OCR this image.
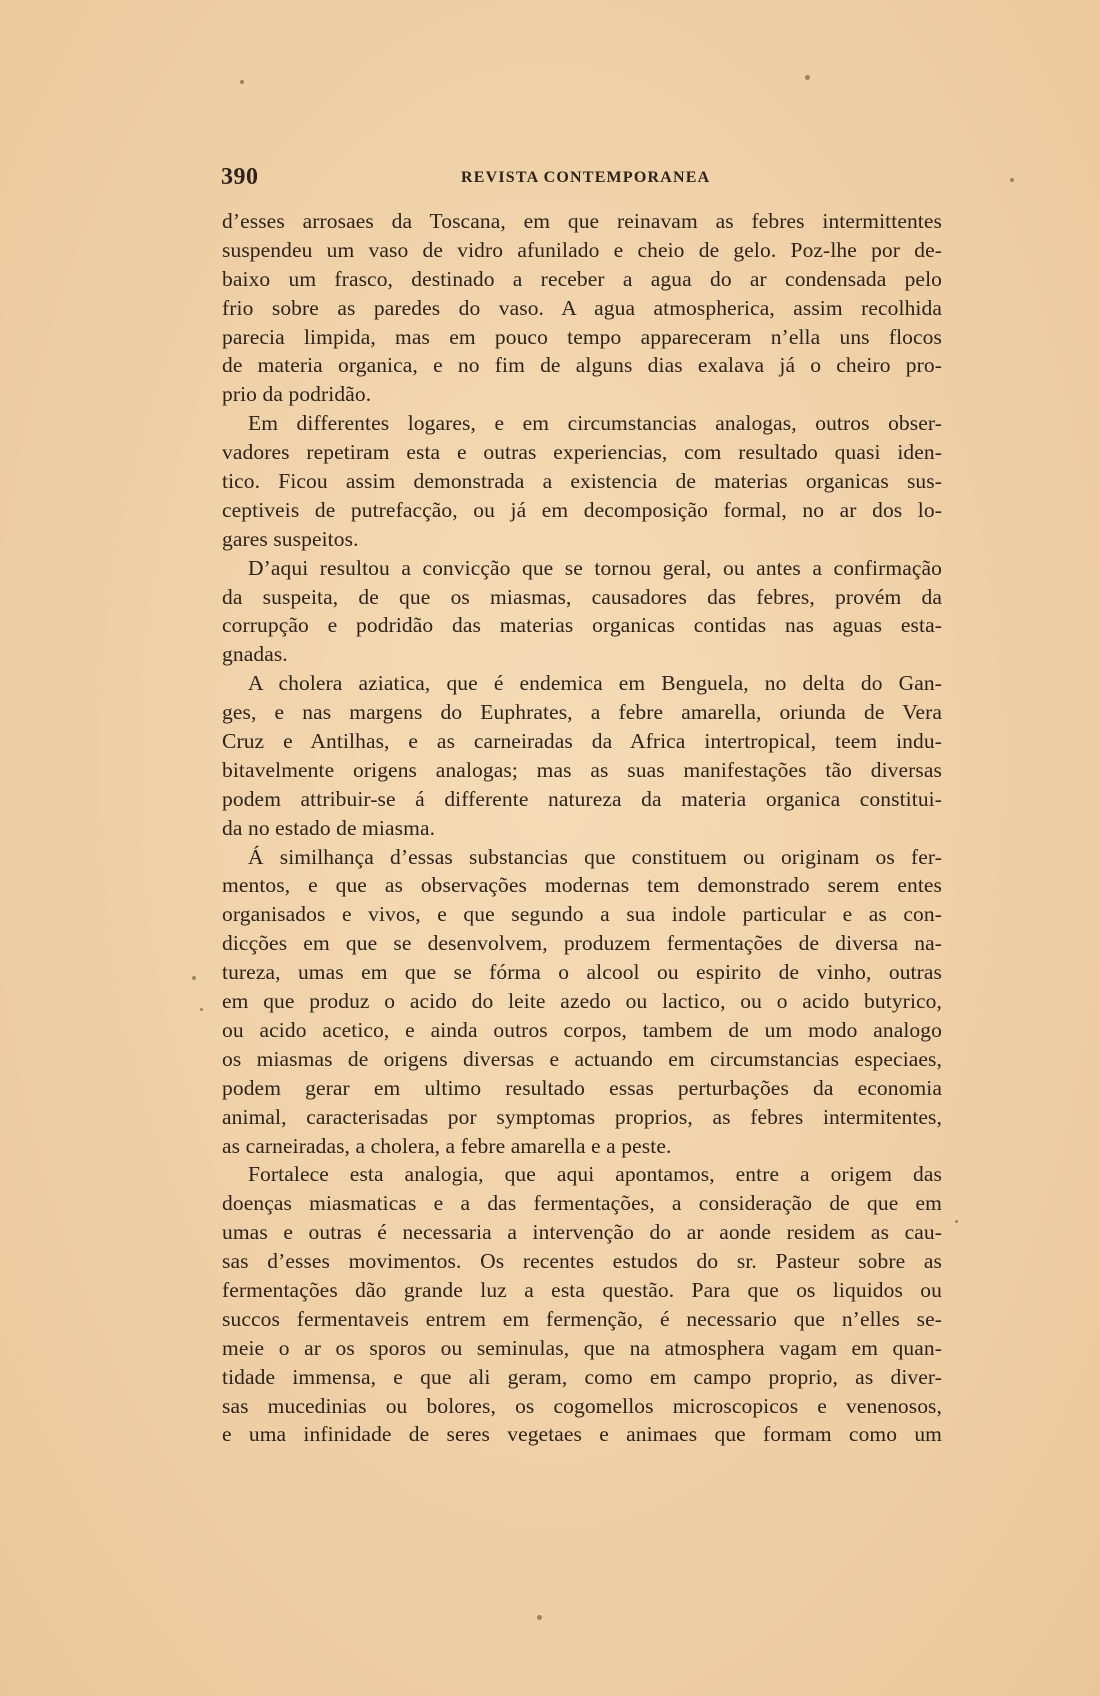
390	REVISTA CONTEMPORANEA
d’esses arrosaes da Toscana, em que reinavam as febres intermittentes
suspendeu um vaso de vidro afunilado e cheio de gelo. Poz-lhe por de-
baixo um frasco, destinado a receber a agua do ar condensada pelo
frio sobre as paredes do vaso. A agua atmospherica, assim recolhida
parecia limpida, mas em pouco tempo appareceram n’ella uns flocos
de materia organica, e no fim de alguns dias exalava já o cheiro pro-
prio da podridão.
Em differentes logares, e em circumstancias analogas, outros obser-
vadores repetiram esta e outras experiencias, com resultado quasi iden-
tico. Ficou assim demonstrada a existencia de materias organicas sus-
ceptiveis de putrefacção, ou já em decomposição formal, no ar dos lo-
gares suspeitos.
D’aqui resultou a convicção que se tornou geral, ou antes a confirmação
da suspeita, de que os miasmas, causadores das febres, provém da
corrupção e podridão das materias organicas contidas nas aguas esta-
gnadas.
A cholera aziatica, que é endemica em Benguela, no delta do Gan-
ges, e nas margens do Euphrates, a febre amarella, oriunda de Vera
Cruz e Antilhas, e as carneiradas da Africa intertropical, teem indu-
bitavelmente origens analogas; mas as suas manifestações tão diversas
podem attribuir-se á differente natureza da materia organica constitui-
da no estado de miasma.
Á similhança d’essas substancias que constituem ou originam os fer-
mentos, e que as observações modernas tem demonstrado serem entes
organisados e vivos, e que segundo a sua indole particular e as con-
dicções em que se desenvolvem, produzem fermentações de diversa na-
tureza, umas em que se fórma o alcool ou espirito de vinho, outras
em que produz o acido do leite azedo ou lactico, ou o acido butyrico,
ou acido acetico, e ainda outros corpos, tambem de um modo analogo
os miasmas de origens diversas e actuando em circumstancias especiaes,
podem gerar em ultimo resultado essas perturbações da economia
animal, caracterisadas por symptomas proprios, as febres intermitentes,
as carneiradas, a cholera, a febre amarella e a peste.
Fortalece esta analogia, que aqui apontamos, entre a origem das
doenças miasmaticas e a das fermentações, a consideração de que em
umas e outras é necessaria a intervenção do ar aonde residem as cau-
sas d’esses movimentos. Os recentes estudos do sr. Pasteur sobre as
fermentações dão grande luz a esta questão. Para que os liquidos ou
succos fermentaveis entrem em fermenção, é necessario que n’elles se-
meie o ar os sporos ou seminulas, que na atmosphera vagam em quan-
tidade immensa, e que ali geram, como em campo proprio, as diver-
sas mucedinias ou bolores, os cogomellos microscopicos e venenosos,
e uma infinidade de seres vegetaes e animaes que formam como um
